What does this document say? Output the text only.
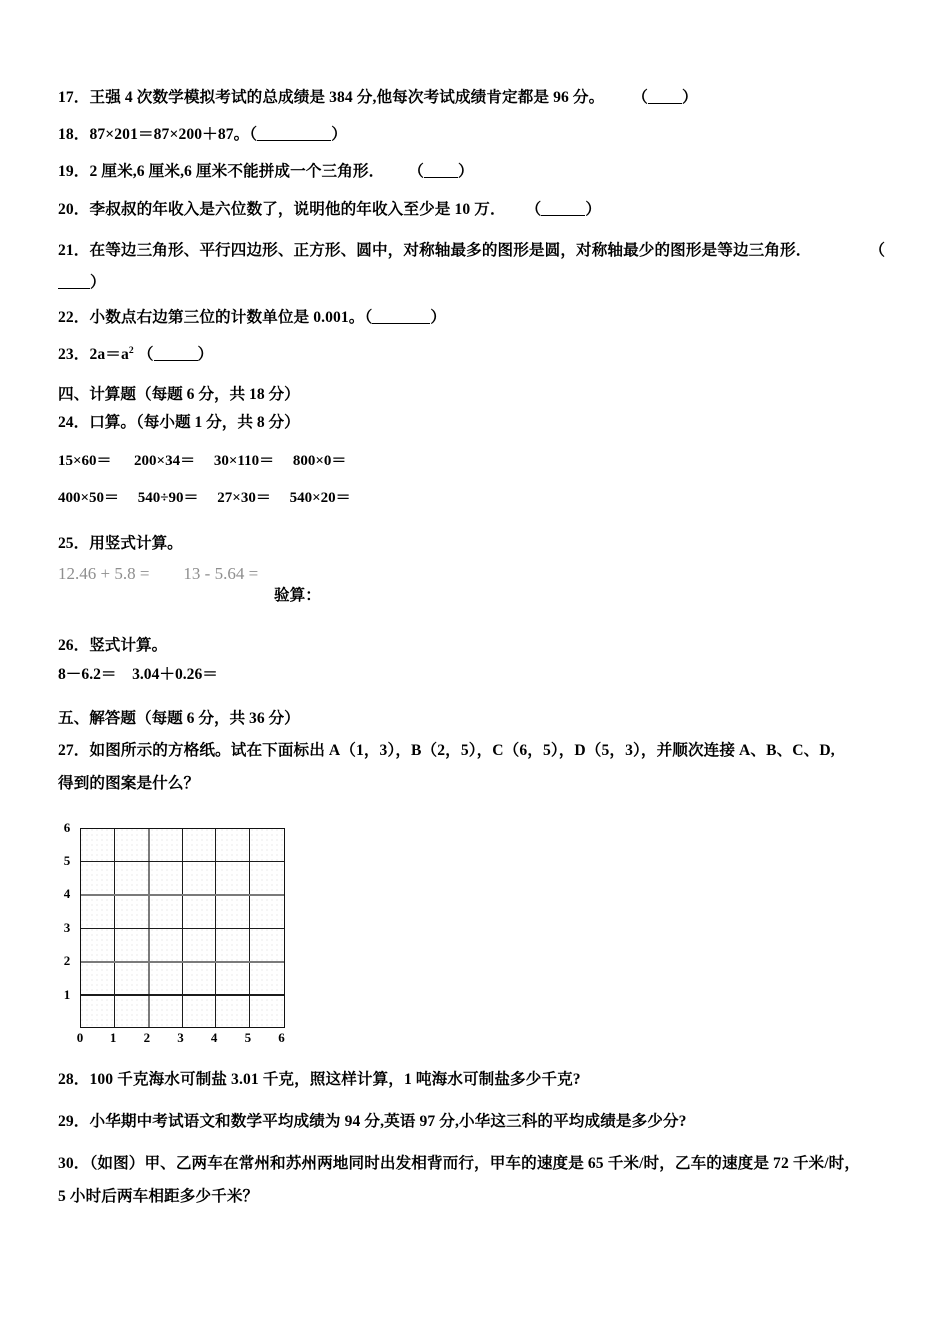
17．王强 4 次数学模拟考试的总成绩是 384 分,他每次考试成绩肯定都是 96 分。 （ ）

18．87×201＝87×200＋87。（	）

19．2 厘米,6 厘米,6 厘米不能拼成一个三角形． （ ）

20．李叔叔的年收入是六位数了，说明他的年收入至少是 10 万． （	）

21．在等边三角形、平行四边形、正方形、圆中，对称轴最多的图形是圆，对称轴最少的图形是等边三角形．	（）

22．小数点右边第三位的计数单位是 0.001。（	）

23．$2a=a^2$ （	）

四、计算题（每题 6 分，共 18 分）

24．口算。（每小题 1 分，共 8 分）

15×60＝      200×34＝     30×110＝     800×0＝

400×50＝     540÷90＝     27×30＝     540×20＝

25．用竖式计算。

12.46 + 5.8 =        13 - 5.64 =

验算：

26．竖式计算。

8－6.2＝    3.04＋0.26＝

五、解答题（每题 6 分，共 36 分）

27．如图所示的方格纸。试在下面标出 A（1，3），B（2，5），C（6，5），D（5，3），并顺次连接 A、B、C、D,
得到的图案是什么？

0 1 2 3 4 5 6
1
2
3
4
5
6

28．100 千克海水可制盐 3.01 千克，照这样计算，1 吨海水可制盐多少千克?

29．小华期中考试语文和数学平均成绩为 94 分,英语 97 分,小华这三科的平均成绩是多少分?

30．（如图）甲、乙两车在常州和苏州两地同时出发相背而行，甲车的速度是 65 千米/时，乙车的速度是 72 千米/时，
5 小时后两车相距多少千米？
